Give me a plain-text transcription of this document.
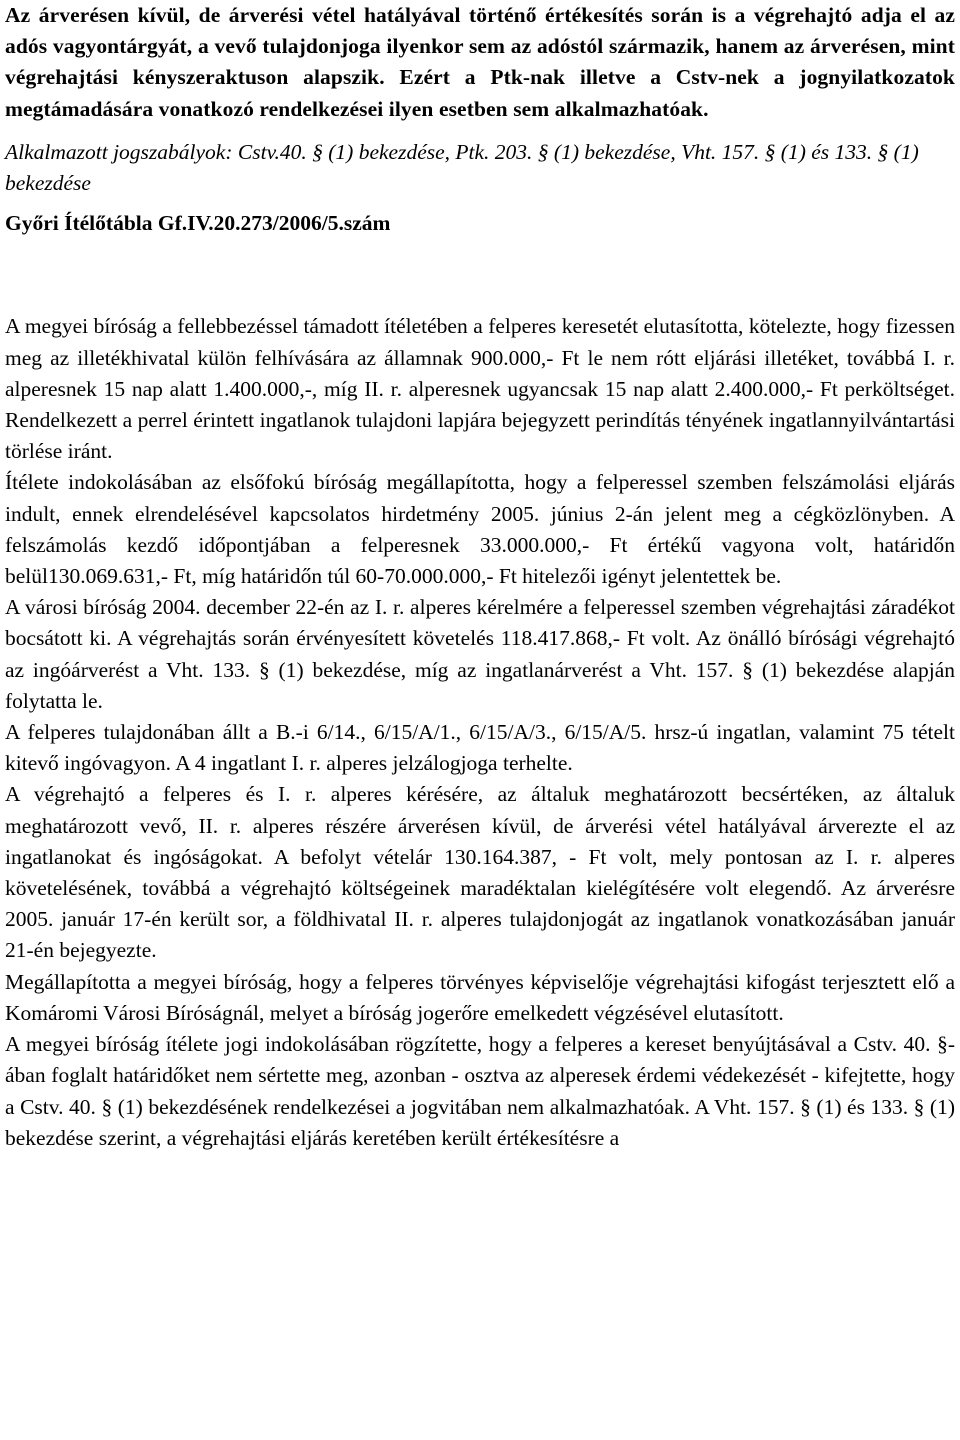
Az árverésen kívül, de árverési vétel hatályával történő értékesítés során is a végrehajtó adja el az adós vagyontárgyát, a vevő tulajdonjoga ilyenkor sem az adóstól származik, hanem az árverésen, mint végrehajtási kényszeraktuson alapszik. Ezért a Ptk-nak illetve a Cstv-nek a jognyilatkozatok megtámadására vonatkozó rendelkezései ilyen esetben sem alkalmazhatóak.

Alkalmazott jogszabályok: Cstv.40. § (1) bekezdése, Ptk. 203. § (1) bekezdése, Vht. 157. § (1) és 133. § (1) bekezdése

Győri Ítélőtábla Gf.IV.20.273/2006/5.szám

A megyei bíróság a fellebbezéssel támadott ítéletében a felperes keresetét elutasította, kötelezte, hogy fizessen meg az illetékhivatal külön felhívására az államnak 900.000,- Ft le nem rótt eljárási illetéket, továbbá I. r. alperesnek 15 nap alatt 1.400.000,-, míg II. r. alperesnek ugyancsak 15 nap alatt 2.400.000,- Ft perköltséget. Rendelkezett a perrel érintett ingatlanok tulajdoni lapjára bejegyzett perindítás tényének ingatlannyilvántartási törlése iránt.

Ítélete indokolásában az elsőfokú bíróság megállapította, hogy a felperessel szemben felszámolási eljárás indult, ennek elrendelésével kapcsolatos hirdetmény 2005. június 2-án jelent meg a cégközlönyben. A felszámolás kezdő időpontjában a felperesnek 33.000.000,- Ft értékű vagyona volt, határidőn belül130.069.631,- Ft, míg határidőn túl 60-70.000.000,- Ft hitelezői igényt jelentettek be.

A városi bíróság 2004. december 22-én az I. r. alperes kérelmére a felperessel szemben végrehajtási záradékot bocsátott ki. A végrehajtás során érvényesített követelés 118.417.868,- Ft volt. Az önálló bírósági végrehajtó az ingóárverést a Vht. 133. § (1) bekezdése, míg az ingatlanárverést a Vht. 157. § (1) bekezdése alapján folytatta le.

A felperes tulajdonában állt a B.-i 6/14., 6/15/A/1., 6/15/A/3., 6/15/A/5. hrsz-ú ingatlan, valamint 75 tételt kitevő ingóvagyon. A 4 ingatlant I. r. alperes jelzálogjoga terhelte.

A végrehajtó a felperes és I. r. alperes kérésére, az általuk meghatározott becsértéken, az általuk meghatározott vevő, II. r. alperes részére árverésen kívül, de árverési vétel hatályával árverezte el az ingatlanokat és ingóságokat. A befolyt vételár 130.164.387, - Ft volt, mely pontosan az I. r. alperes követelésének, továbbá a végrehajtó költségeinek maradéktalan kielégítésére volt elegendő. Az árverésre 2005. január 17-én került sor, a földhivatal II. r. alperes tulajdonjogát az ingatlanok vonatkozásában január 21-én bejegyezte.

Megállapította a megyei bíróság, hogy a felperes törvényes képviselője végrehajtási kifogást terjesztett elő a Komáromi Városi Bíróságnál, melyet a bíróság jogerőre emelkedett végzésével elutasított.

A megyei bíróság ítélete jogi indokolásában rögzítette, hogy a felperes a kereset benyújtásával a Cstv. 40. §-ában foglalt határidőket nem sértette meg, azonban - osztva az alperesek érdemi védekezését - kifejtette, hogy a Cstv. 40. § (1) bekezdésének rendelkezései a jogvitában nem alkalmazhatóak. A Vht. 157. § (1) és 133. § (1) bekezdése szerint, a végrehajtási eljárás keretében került értékesítésre a
